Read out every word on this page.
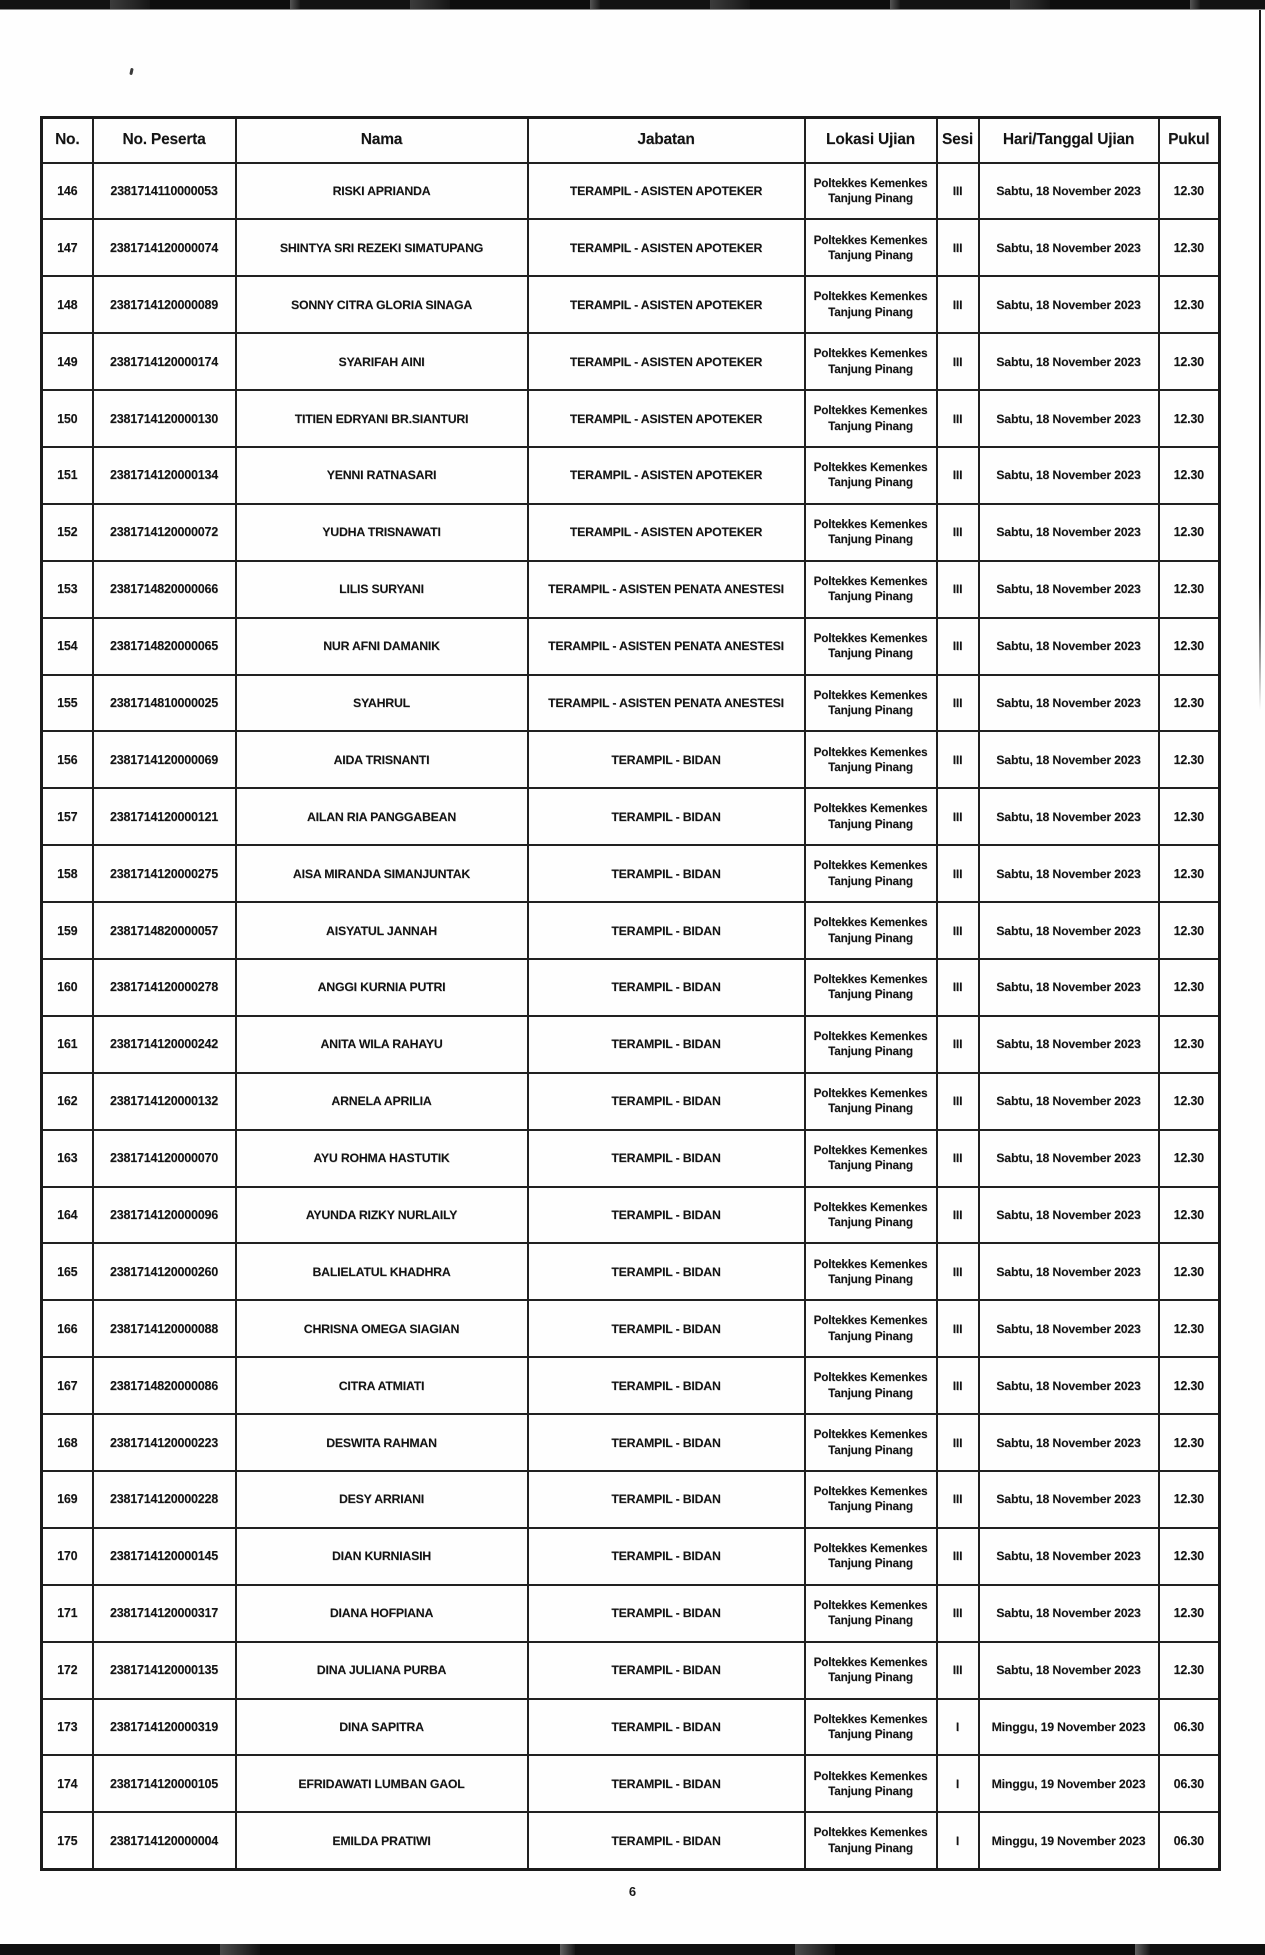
No.	No. Peserta	Nama	Jabatan	Lokasi Ujian	Sesi	Hari/Tanggal Ujian	Pukul
146	2381714110000053	RISKI APRIANDA	TERAMPIL - ASISTEN APOTEKER	Poltekkes Kemenkes Tanjung Pinang	III	Sabtu, 18 November 2023	12.30
147	2381714120000074	SHINTYA SRI REZEKI SIMATUPANG	TERAMPIL - ASISTEN APOTEKER	Poltekkes Kemenkes Tanjung Pinang	III	Sabtu, 18 November 2023	12.30
148	2381714120000089	SONNY CITRA GLORIA SINAGA	TERAMPIL - ASISTEN APOTEKER	Poltekkes Kemenkes Tanjung Pinang	III	Sabtu, 18 November 2023	12.30
149	2381714120000174	SYARIFAH AINI	TERAMPIL - ASISTEN APOTEKER	Poltekkes Kemenkes Tanjung Pinang	III	Sabtu, 18 November 2023	12.30
150	2381714120000130	TITIEN EDRYANI BR.SIANTURI	TERAMPIL - ASISTEN APOTEKER	Poltekkes Kemenkes Tanjung Pinang	III	Sabtu, 18 November 2023	12.30
151	2381714120000134	YENNI RATNASARI	TERAMPIL - ASISTEN APOTEKER	Poltekkes Kemenkes Tanjung Pinang	III	Sabtu, 18 November 2023	12.30
152	2381714120000072	YUDHA TRISNAWATI	TERAMPIL - ASISTEN APOTEKER	Poltekkes Kemenkes Tanjung Pinang	III	Sabtu, 18 November 2023	12.30
153	2381714820000066	LILIS SURYANI	TERAMPIL - ASISTEN PENATA ANESTESI	Poltekkes Kemenkes Tanjung Pinang	III	Sabtu, 18 November 2023	12.30
154	2381714820000065	NUR AFNI DAMANIK	TERAMPIL - ASISTEN PENATA ANESTESI	Poltekkes Kemenkes Tanjung Pinang	III	Sabtu, 18 November 2023	12.30
155	2381714810000025	SYAHRUL	TERAMPIL - ASISTEN PENATA ANESTESI	Poltekkes Kemenkes Tanjung Pinang	III	Sabtu, 18 November 2023	12.30
156	2381714120000069	AIDA TRISNANTI	TERAMPIL - BIDAN	Poltekkes Kemenkes Tanjung Pinang	III	Sabtu, 18 November 2023	12.30
157	2381714120000121	AILAN RIA PANGGABEAN	TERAMPIL - BIDAN	Poltekkes Kemenkes Tanjung Pinang	III	Sabtu, 18 November 2023	12.30
158	2381714120000275	AISA MIRANDA SIMANJUNTAK	TERAMPIL - BIDAN	Poltekkes Kemenkes Tanjung Pinang	III	Sabtu, 18 November 2023	12.30
159	2381714820000057	AISYATUL JANNAH	TERAMPIL - BIDAN	Poltekkes Kemenkes Tanjung Pinang	III	Sabtu, 18 November 2023	12.30
160	2381714120000278	ANGGI KURNIA PUTRI	TERAMPIL - BIDAN	Poltekkes Kemenkes Tanjung Pinang	III	Sabtu, 18 November 2023	12.30
161	2381714120000242	ANITA WILA RAHAYU	TERAMPIL - BIDAN	Poltekkes Kemenkes Tanjung Pinang	III	Sabtu, 18 November 2023	12.30
162	2381714120000132	ARNELA APRILIA	TERAMPIL - BIDAN	Poltekkes Kemenkes Tanjung Pinang	III	Sabtu, 18 November 2023	12.30
163	2381714120000070	AYU ROHMA HASTUTIK	TERAMPIL - BIDAN	Poltekkes Kemenkes Tanjung Pinang	III	Sabtu, 18 November 2023	12.30
164	2381714120000096	AYUNDA RIZKY NURLAILY	TERAMPIL - BIDAN	Poltekkes Kemenkes Tanjung Pinang	III	Sabtu, 18 November 2023	12.30
165	2381714120000260	BALIELATUL KHADHRA	TERAMPIL - BIDAN	Poltekkes Kemenkes Tanjung Pinang	III	Sabtu, 18 November 2023	12.30
166	2381714120000088	CHRISNA OMEGA SIAGIAN	TERAMPIL - BIDAN	Poltekkes Kemenkes Tanjung Pinang	III	Sabtu, 18 November 2023	12.30
167	2381714820000086	CITRA ATMIATI	TERAMPIL - BIDAN	Poltekkes Kemenkes Tanjung Pinang	III	Sabtu, 18 November 2023	12.30
168	2381714120000223	DESWITA RAHMAN	TERAMPIL - BIDAN	Poltekkes Kemenkes Tanjung Pinang	III	Sabtu, 18 November 2023	12.30
169	2381714120000228	DESY ARRIANI	TERAMPIL - BIDAN	Poltekkes Kemenkes Tanjung Pinang	III	Sabtu, 18 November 2023	12.30
170	2381714120000145	DIAN KURNIASIH	TERAMPIL - BIDAN	Poltekkes Kemenkes Tanjung Pinang	III	Sabtu, 18 November 2023	12.30
171	2381714120000317	DIANA HOFPIANA	TERAMPIL - BIDAN	Poltekkes Kemenkes Tanjung Pinang	III	Sabtu, 18 November 2023	12.30
172	2381714120000135	DINA JULIANA PURBA	TERAMPIL - BIDAN	Poltekkes Kemenkes Tanjung Pinang	III	Sabtu, 18 November 2023	12.30
173	2381714120000319	DINA SAPITRA	TERAMPIL - BIDAN	Poltekkes Kemenkes Tanjung Pinang	I	Minggu, 19 November 2023	06.30
174	2381714120000105	EFRIDAWATI LUMBAN GAOL	TERAMPIL - BIDAN	Poltekkes Kemenkes Tanjung Pinang	I	Minggu, 19 November 2023	06.30
175	2381714120000004	EMILDA PRATIWI	TERAMPIL - BIDAN	Poltekkes Kemenkes Tanjung Pinang	I	Minggu, 19 November 2023	06.30
6
